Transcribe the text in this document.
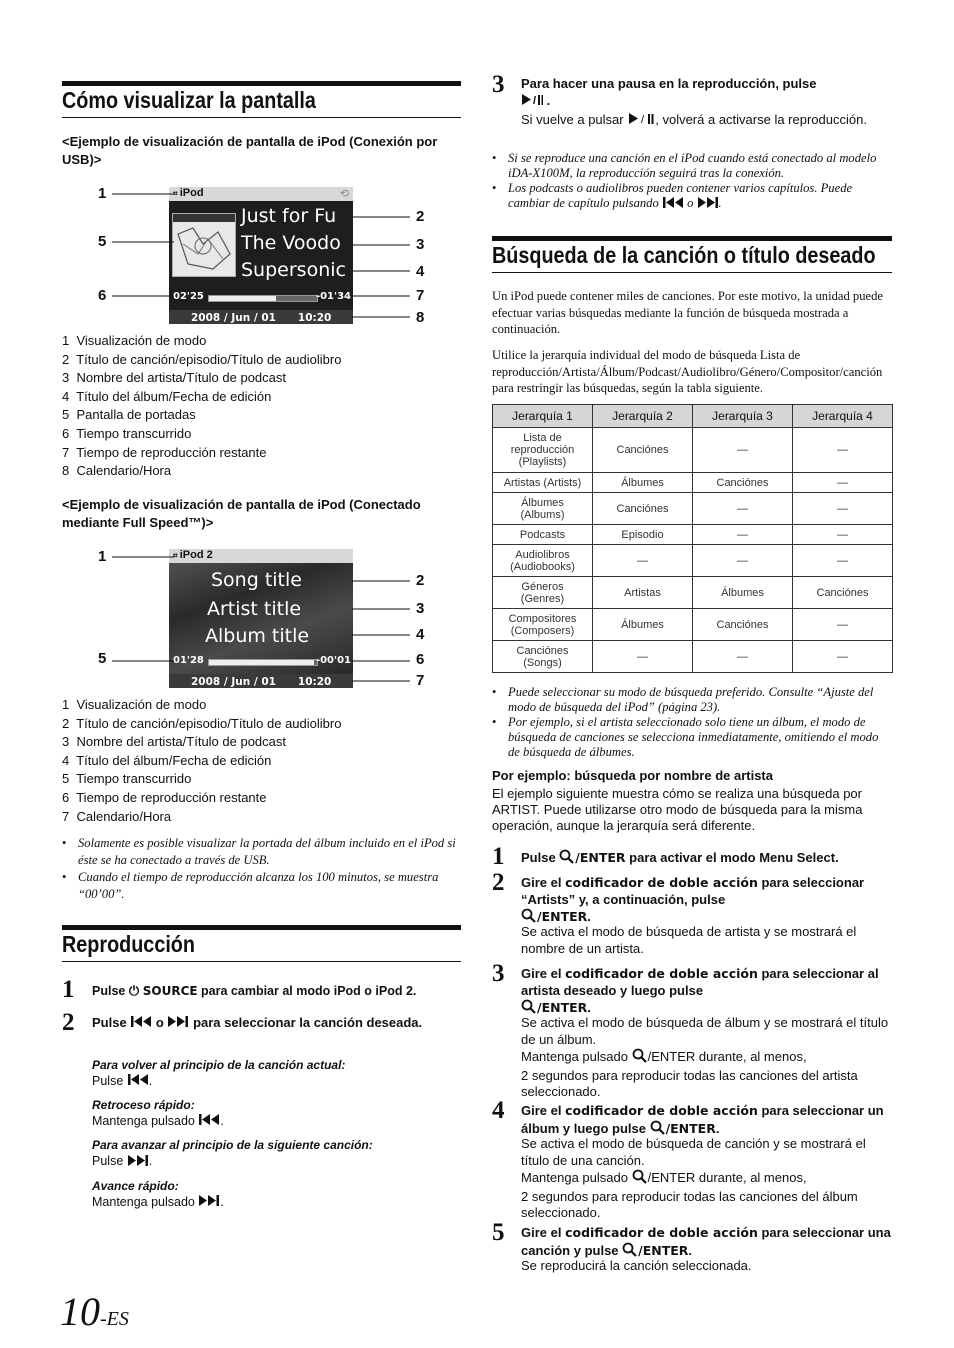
Cómo visualizar la pantalla
<Ejemplo de visualización de pantalla de iPod (Conexión por USB)>
⌗ iPod	⟲
Just for Fu
The Voodo
Supersonic
02'25	-01'34
2008 / Jun / 01      10:20
1
5
6
2
3
4
7
8
1  Visualización de modo
2  Título de canción/episodio/Título de audiolibro
3  Nombre del artista/Título de podcast
4  Título del álbum/Fecha de edición
5  Pantalla de portadas
6  Tiempo transcurrido
7  Tiempo de reproducción restante
8  Calendario/Hora
<Ejemplo de visualización de pantalla de iPod (Conectado mediante Full Speed™)>
⌗ iPod 2
Song title
Artist title
Album title
01'28	-00'01
2008 / Jun / 01      10:20
1
5
2
3
4
6
7
1  Visualización de modo
2  Título de canción/episodio/Título de audiolibro
3  Nombre del artista/Título de podcast
4  Título del álbum/Fecha de edición
5  Tiempo transcurrido
6  Tiempo de reproducción restante
7  Calendario/Hora
• Solamente es posible visualizar la portada del álbum incluido en el iPod si éste se ha conectado a través de USB.
• Cuando el tiempo de reproducción alcanza los 100 minutos, se muestra “00’00”.
Reproducción
1 Pulse ⏻ SOURCE para cambiar al modo iPod o iPod 2.
2 Pulse  o  para seleccionar la canción deseada.
Para volver al principio de la canción actual:
Pulse .
Retroceso rápido:
Mantenga pulsado .
Para avanzar al principio de la siguiente canción:
Pulse .
Avance rápido:
Mantenga pulsado .
10-ES
3 Para hacer una pausa en la reproducción, pulse

/ .
Si vuelve a pulsar / , volverá a activarse la reproducción.
• Si se reproduce una canción en el iPod cuando está conectado al modelo iDA-X100M, la reproducción seguirá tras la conexión.
• Los podcasts o audiolibros pueden contener varios capítulos. Puede cambiar de capítulo pulsando  o .
Búsqueda de la canción o título deseado
Un iPod puede contener miles de canciones. Por este motivo, la unidad puede efectuar varias búsquedas mediante la función de búsqueda mostrada a continuación.
Utilice la jerarquía individual del modo de búsqueda Lista de reproducción/Artista/Álbum/Podcast/Audiolibro/Género/Compositor/canción para restringir las búsquedas, según la tabla siguiente.
Jerarquía 1	Jerarquía 2	Jerarquía 3	Jerarquía 4
Lista de reproducción (Playlists)	Canciónes	—	—
Artistas (Artists)	Álbumes	Canciónes	—
Álbumes (Albums)	Canciónes	—	—
Podcasts	Episodio	—	—
Audiolibros (Audiobooks)	—	—	—
Géneros (Genres)	Artistas	Álbumes	Canciónes
Compositores (Composers)	Álbumes	Canciónes	—
Canciónes (Songs)	—	—	—
• Puede seleccionar su modo de búsqueda preferido. Consulte “Ajuste del modo de búsqueda del iPod” (página 23).
• Por ejemplo, si el artista seleccionado solo tiene un álbum, el modo de búsqueda de canciones se selecciona inmediatamente, omitiendo el modo de búsqueda de álbumes.
Por ejemplo: búsqueda por nombre de artista
El ejemplo siguiente muestra cómo se realiza una búsqueda por ARTIST. Puede utilizarse otro modo de búsqueda para la misma operación, aunque la jerarquía será diferente.
1 Pulse /ENTER para activar el modo Menu Select.
2 Gire el codificador de doble acción para seleccionar “Artists” y, a continuación, pulse
/ENTER.
Se activa el modo de búsqueda de artista y se mostrará el nombre de un artista.
3 Gire el codificador de doble acción para seleccionar al artista deseado y luego pulse
/ENTER.
Se activa el modo de búsqueda de álbum y se mostrará el título de un álbum.
Mantenga pulsado /ENTER durante, al menos,
2 segundos para reproducir todas las canciones del artista seleccionado.
4 Gire el codificador de doble acción para seleccionar un álbum y luego pulse /ENTER.
Se activa el modo de búsqueda de canción y se mostrará el título de una canción.
Mantenga pulsado /ENTER durante, al menos,
2 segundos para reproducir todas las canciones del álbum seleccionado.
5 Gire el codificador de doble acción para seleccionar una canción y pulse /ENTER.
Se reproducirá la canción seleccionada.
